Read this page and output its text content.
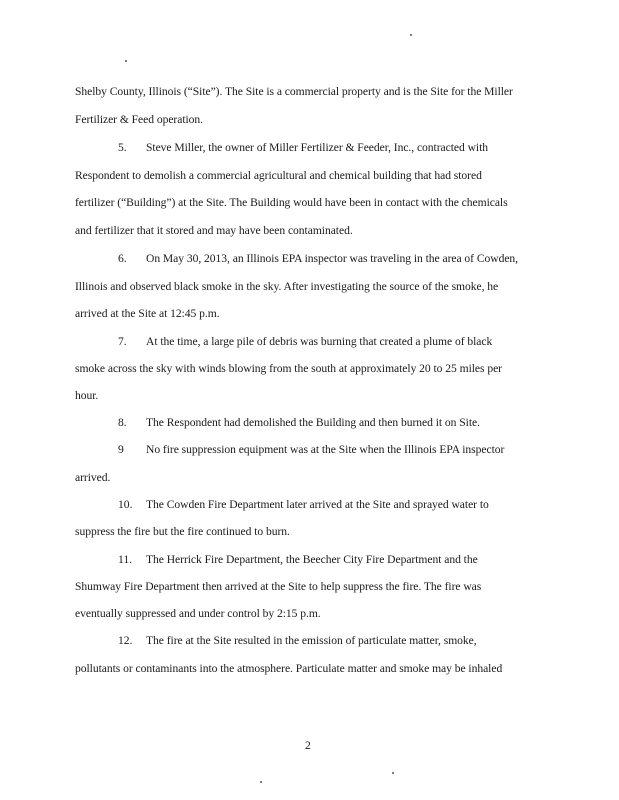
Shelby County, Illinois (“Site”). The Site is a commercial property and is the Site for the Miller
Fertilizer & Feed operation.
5. Steve Miller, the owner of Miller Fertilizer & Feeder, Inc., contracted with
Respondent to demolish a commercial agricultural and chemical building that had stored
fertilizer (“Building”) at the Site. The Building would have been in contact with the chemicals
and fertilizer that it stored and may have been contaminated.
6. On May 30, 2013, an Illinois EPA inspector was traveling in the area of Cowden,
Illinois and observed black smoke in the sky. After investigating the source of the smoke, he
arrived at the Site at 12:45 p.m.
7. At the time, a large pile of debris was burning that created a plume of black
smoke across the sky with winds blowing from the south at approximately 20 to 25 miles per
hour.
8. The Respondent had demolished the Building and then burned it on Site.
9 No fire suppression equipment was at the Site when the Illinois EPA inspector
arrived.
10. The Cowden Fire Department later arrived at the Site and sprayed water to
suppress the fire but the fire continued to burn.
11. The Herrick Fire Department, the Beecher City Fire Department and the
Shumway Fire Department then arrived at the Site to help suppress the fire. The fire was
eventually suppressed and under control by 2:15 p.m.
12. The fire at the Site resulted in the emission of particulate matter, smoke,
pollutants or contaminants into the atmosphere. Particulate matter and smoke may be inhaled
2
